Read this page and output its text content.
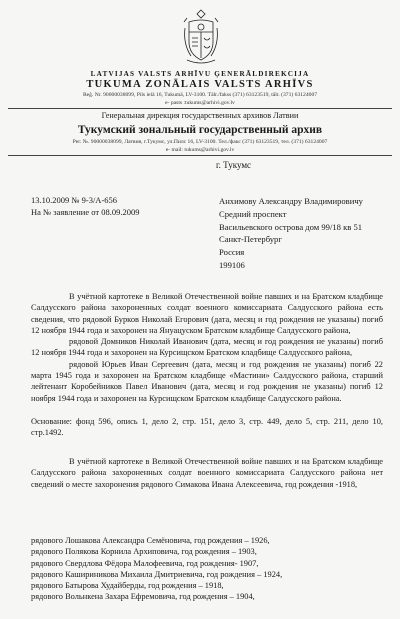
LATVIJAS VALSTS ARHĪVU ĢENERĀLDIREKCIJA
TUKUMA ZONĀLAIS VALSTS ARHĪVS
Reģ. Nr. 90000038099, Pils ielā 16, Tukumā, LV-3100. Tālr./fakss (371) 63123519, tālr. (371) 63124007
e- pasts :tukums@arhivi.gov.lv
Генеральная дирекция государственных архивов Латвии
Тукумский зональный государственный архив
Рег. №. 90000038099, Латвия, г.Тукумс, ул.Пилс 16, LV-3100. Тел./факс (371) 63123519, тел. (371) 63124007
e- mail: tukums@arhivi.gov.lv
г. Тукумс
13.10.2009 № 9-3/A-656
На № заявление от 08.09.2009
Анхимову Александру Владимировичу
Средний проспект
Васильевского острова дом 99/18 кв 51
Санкт-Петербург
Россия
199106
В учётной картотеке в Великой Отечественной войне павших и на Братском кладбище Салдусского района захороненных солдат военного комиссариата Салдусского района есть сведения, что рядовой Бурков Николай Егорович (дата, месяц и год рождения не указаны) погиб 12 ноября 1944 года и захоронен на Януацуском Братском кладбище Салдусского района,
рядовой Домников Николай Иванович (дата, месяц и год рождения не указаны) погиб 12 ноября 1944 года и захоронен на Курсищском Братском кладбище Салдусского района,
рядовой Юрьев Иван Сергеевич (дата, месяц и год рождения не указаны) погиб 22 марта 1945 года и захоронен на Братском кладбище «Мастини» Салдусского района, старший лейтенант Коробейников Павел Иванович (дата, месяц и год рождения не указаны) погиб 12 ноября 1944 года и захоронен на Курсищском Братском кладбище Салдусского района.
Основание: фонд 596, опись 1, дело 2, стр. 151, дело 3, стр. 449, дело 5, стр. 211, дело 10, стр.1492.
В учётной картотеке в Великой Отечественной войне павших и на Братском кладбище Салдусского района захороненных солдат военного комиссариата Салдусского района нет сведений о месте захоронения рядового Симакова Ивана Алексеевича, год рождения -1918,
рядового Лошакова Александра Семёновича, год рождения – 1926,
рядового Полякова Корнила Архиповича, год рождения – 1903,
рядового Свердлова Фёдора Малофеевича, год рождения- 1907,
рядового Кашириникова Михаила Дмитриевича, год рождения – 1924,
рядового Батырова Худайберды, год рождения – 1918,
рядового Вольнкена Захара Ефремовича, год рождения – 1904,
